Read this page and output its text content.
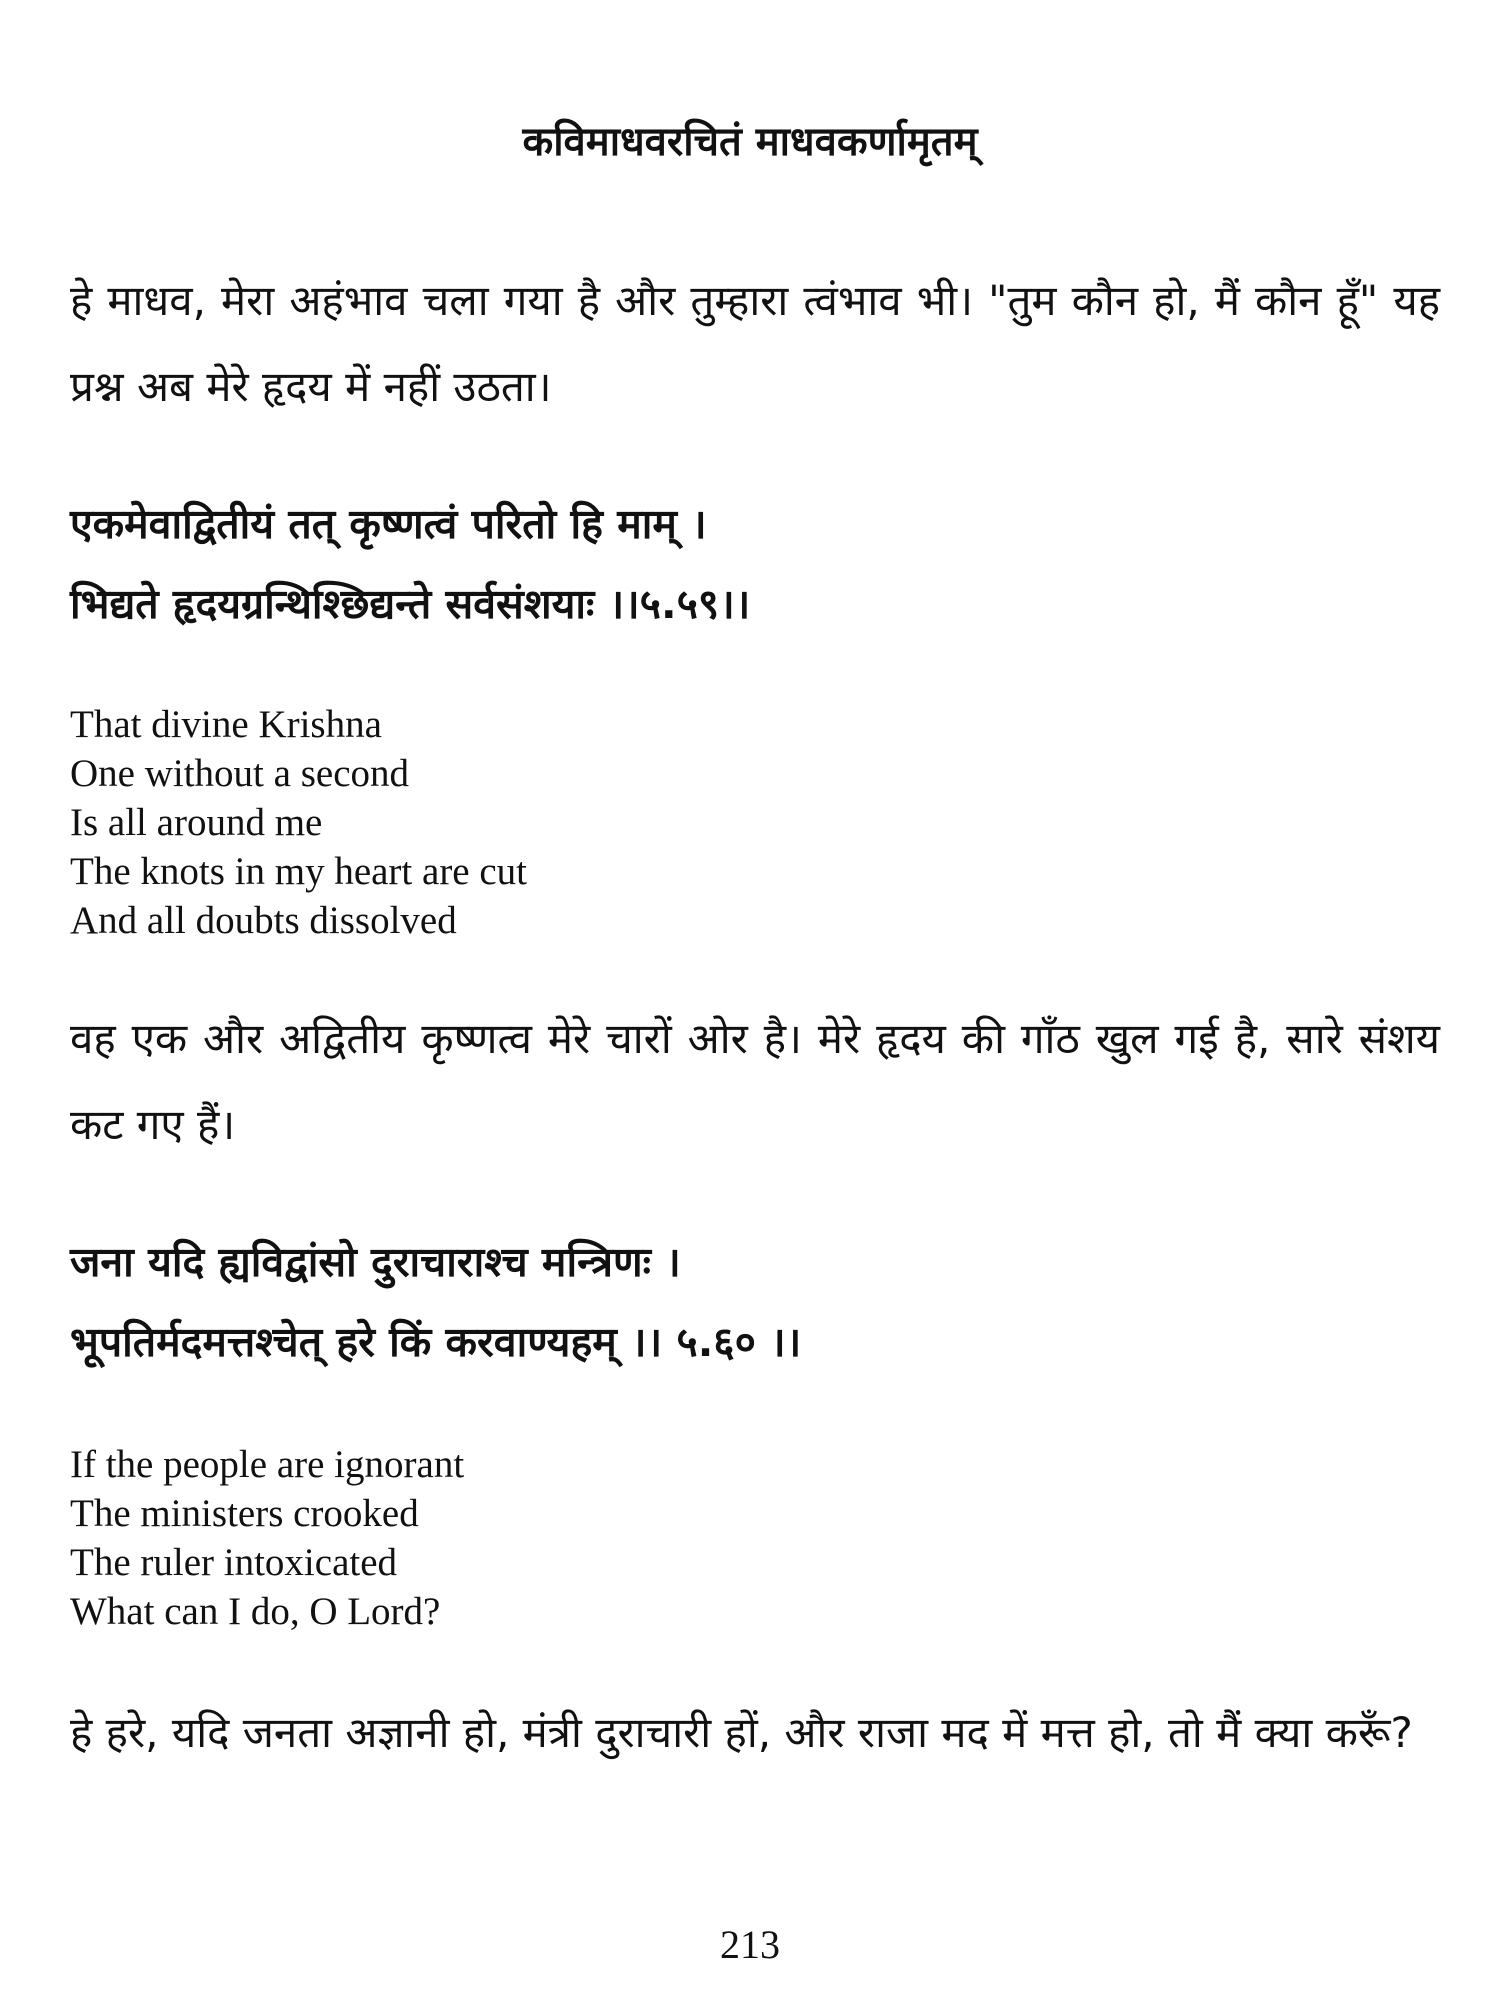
कविमाधवरचितं माधवकर्णामृतम्

हे माधव, मेरा अहंभाव चला गया है और तुम्हारा त्वंभाव भी। "तुम कौन हो, मैं कौन हूँ" यह प्रश्न अब मेरे हृदय में नहीं उठता।

एकमेवाद्वितीयं तत् कृष्णत्वं परितो हि माम् ।
भिद्यते हृदयग्रन्थिश्छिद्यन्ते सर्वसंशयाः ।।५.५९।।
That divine Krishna
One without a second
Is all around me
The knots in my heart are cut
And all doubts dissolved

वह एक और अद्वितीय कृष्णत्व मेरे चारों ओर है। मेरे हृदय की गाँठ खुल गई है, सारे संशय कट गए हैं।

जना यदि ह्यविद्वांसो दुराचाराश्च मन्त्रिणः ।
भूपतिर्मदमत्तश्चेत् हरे किं करवाण्यहम् ।। ५.६० ।।
If the people are ignorant
The ministers crooked
The ruler intoxicated
What can I do, O Lord?

हे हरे, यदि जनता अज्ञानी हो, मंत्री दुराचारी हों, और राजा मद में मत्त हो, तो मैं क्या करूँ?

213
